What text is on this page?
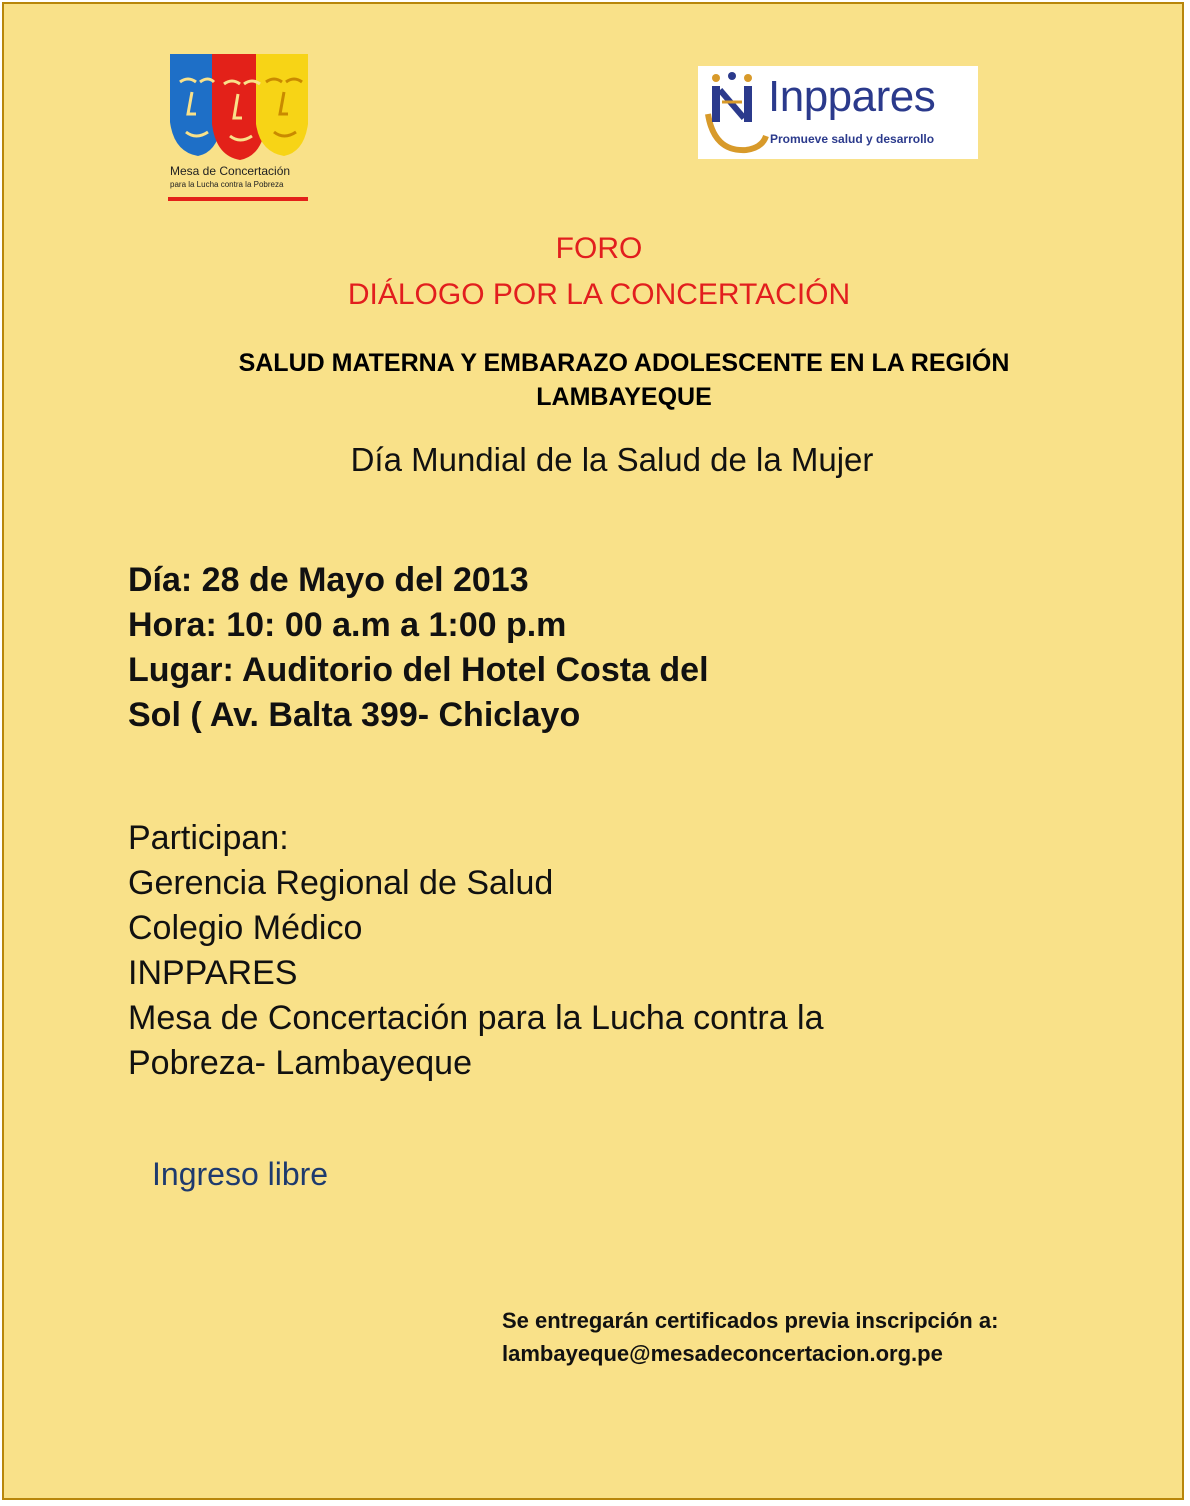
Mesa de Concertación
para la Lucha contra la Pobreza
Inppares
Promueve salud y desarrollo
FORO
DIÁLOGO POR LA CONCERTACIÓN
SALUD MATERNA Y EMBARAZO ADOLESCENTE EN LA REGIÓN
LAMBAYEQUE
Día Mundial de la Salud de la Mujer
Día: 28 de Mayo del 2013
Hora: 10: 00 a.m a 1:00 p.m
Lugar: Auditorio del Hotel Costa del
Sol ( Av. Balta 399- Chiclayo
Participan:
Gerencia Regional de Salud
Colegio Médico
INPPARES
Mesa de Concertación para la Lucha contra la
Pobreza- Lambayeque
Ingreso libre
Se entregarán certificados previa inscripción a:
lambayeque@mesadeconcertacion.org.pe
